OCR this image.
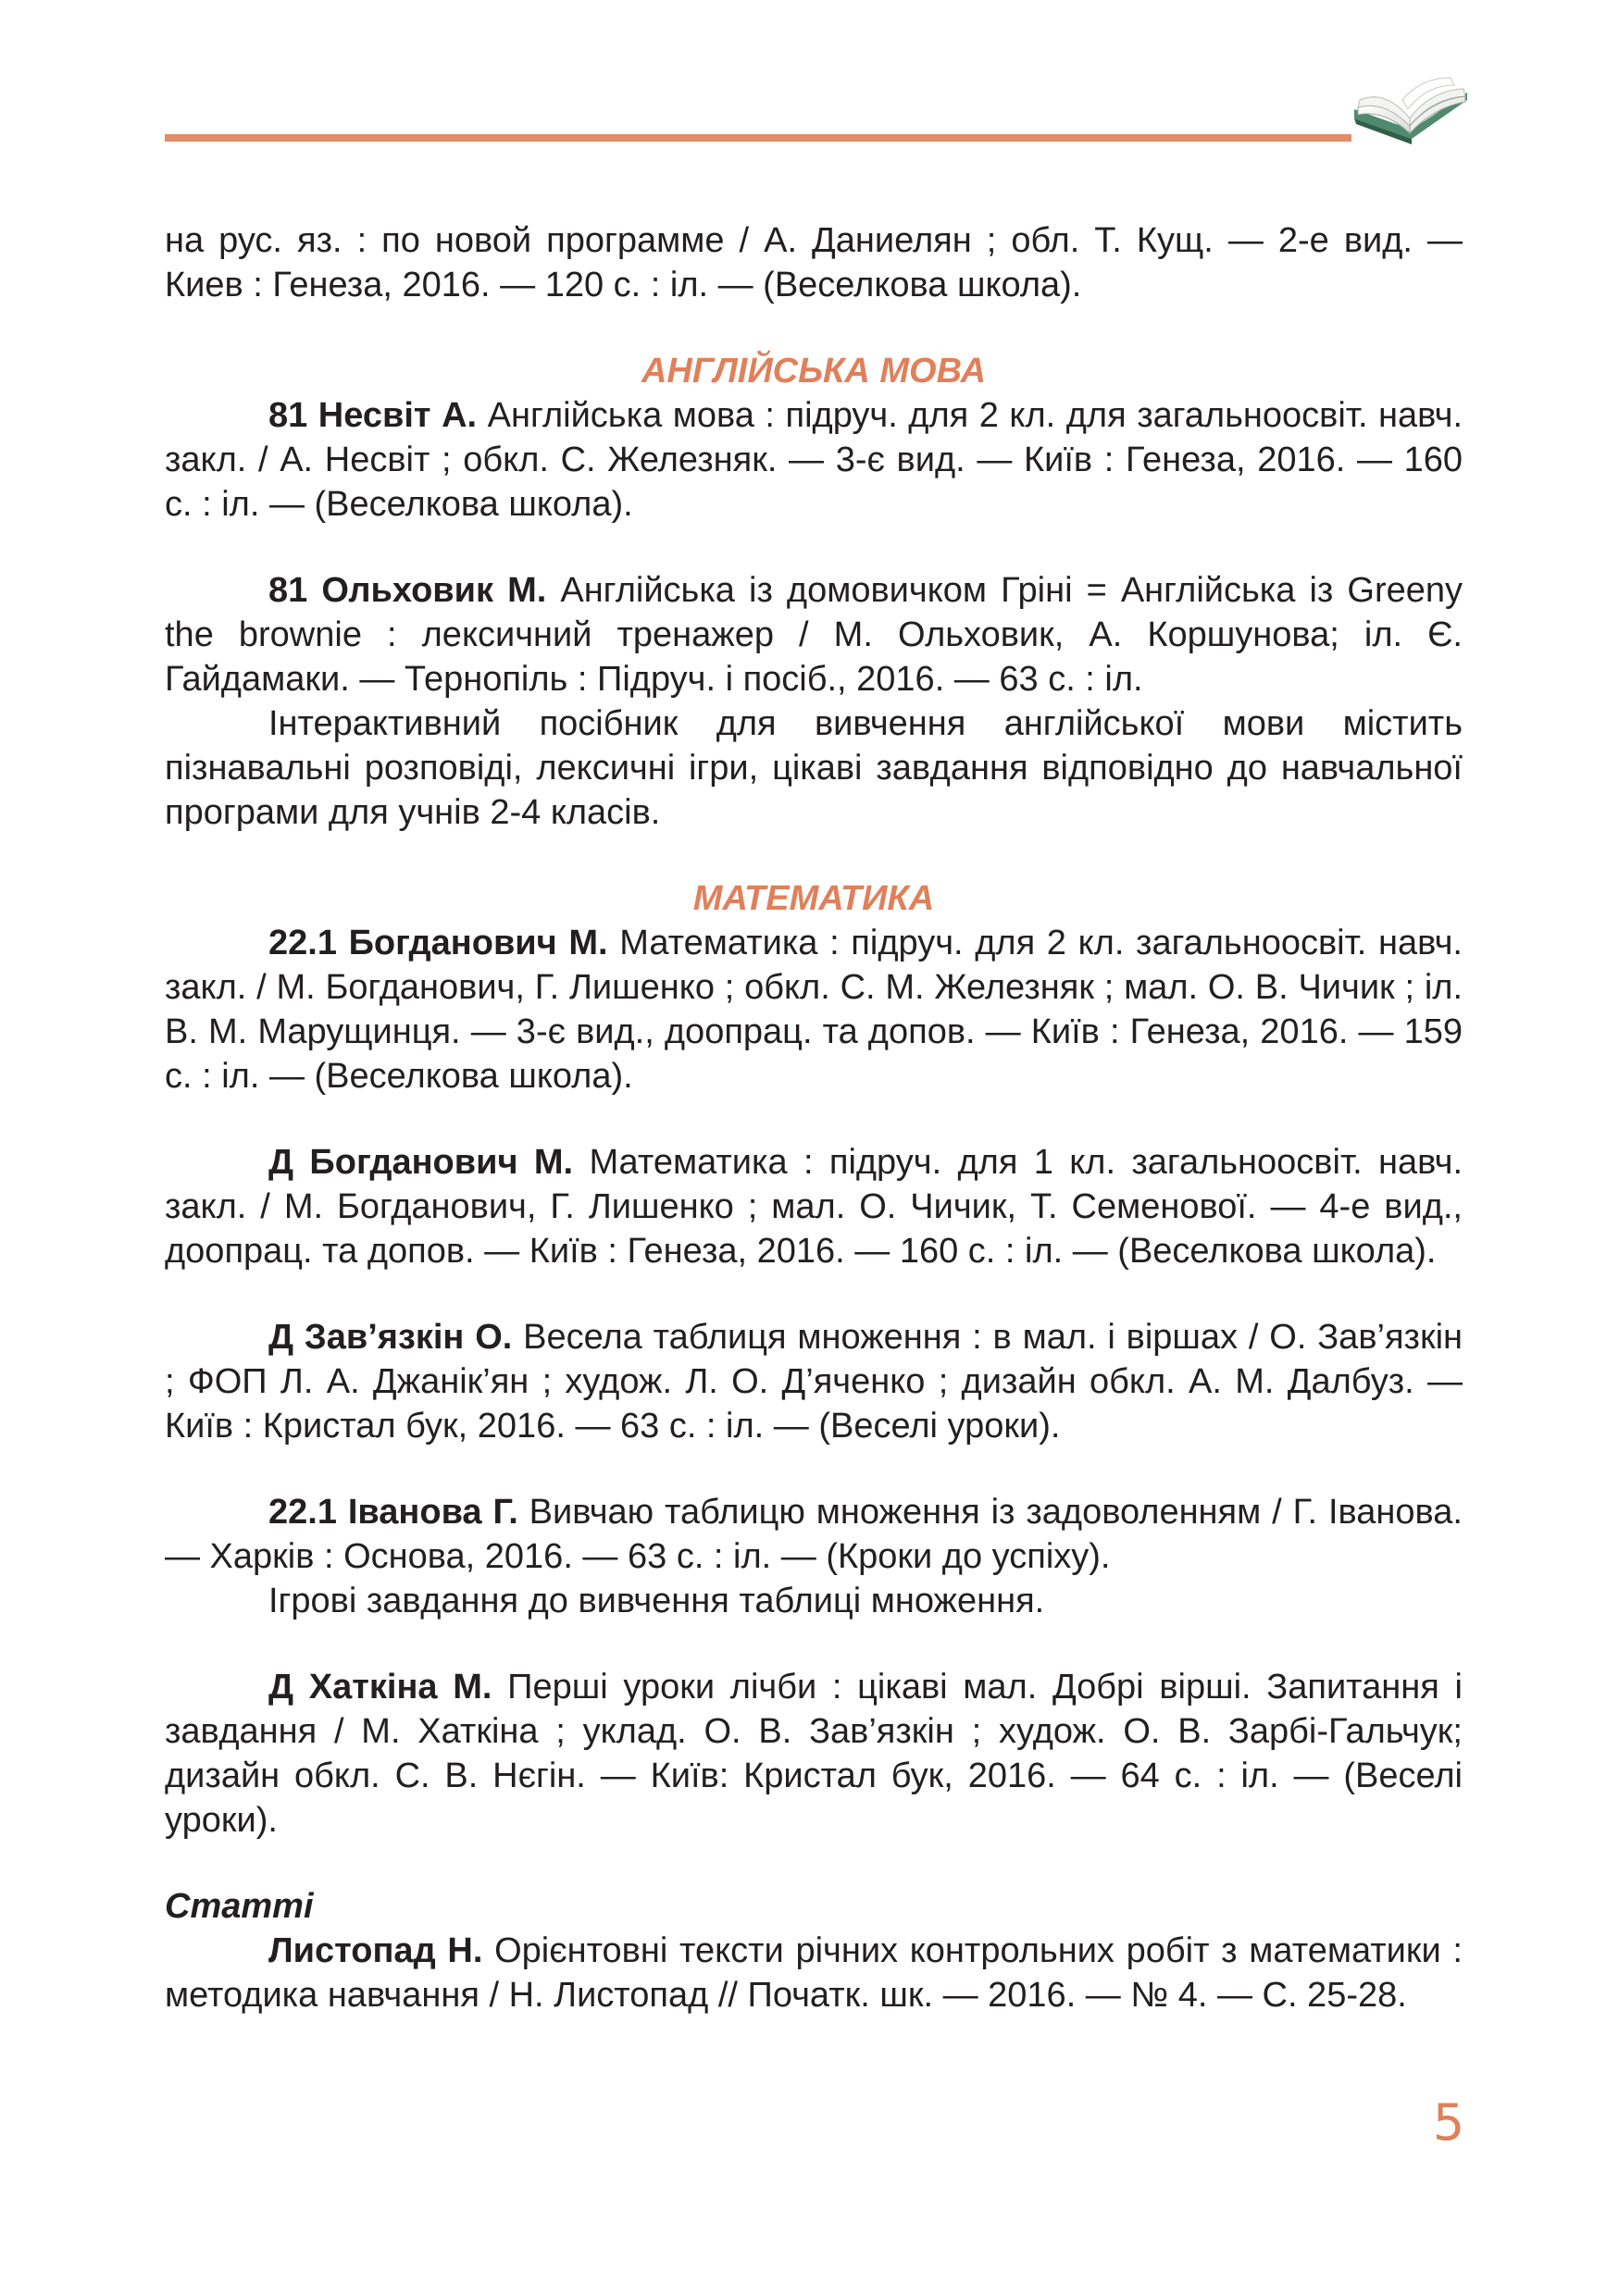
на рус. яз. : по новой программе / А. Даниелян ; обл. Т. Кущ. — 2-е вид. — Киев : Генеза, 2016. — 120 с. : іл. — (Веселкова школа).

АНГЛІЙСЬКА МОВА

81 Несвіт А. Англійська мова : підруч. для 2 кл. для загальноосвіт. навч. закл. / А. Несвіт ; обкл. С. Железняк. — 3-є вид. — Київ : Генеза, 2016. — 160 с. : іл. — (Веселкова школа).

81 Ольховик М. Англійська із домовичком Гріні = Англійська із Greeny the brownie : лексичний тренажер / М. Ольховик, А. Коршунова; іл. Є. Гайдамаки. — Тернопіль : Підруч. і посіб., 2016. — 63 с. : іл.

Інтерактивний посібник для вивчення англійської мови містить пізнавальні розповіді, лексичні ігри, цікаві завдання відповідно до навчальної програми для учнів 2-4 класів.

МАТЕМАТИКА

22.1 Богданович М. Математика : підруч. для 2 кл. загальноосвіт. навч. закл. / М. Богданович, Г. Лишенко ; обкл. С. М. Железняк ; мал. О. В. Чичик ; іл. В. М. Марущинця. — 3-є вид., доопрац. та допов. — Київ : Генеза, 2016. — 159 с. : іл. — (Веселкова школа).

Д Богданович М. Математика : підруч. для 1 кл. загальноосвіт. навч. закл. / М. Богданович, Г. Лишенко ; мал. О. Чичик, Т. Семенової. — 4-е вид., доопрац. та допов. — Київ : Генеза, 2016. — 160 с. : іл. — (Веселкова школа).

Д Зав’язкін О. Весела таблиця множення : в мал. і віршах / О. Зав’язкін ; ФОП Л. А. Джанік’ян ; худож. Л. О. Д’яченко ; дизайн обкл. А. М. Далбуз. — Київ : Кристал бук, 2016. — 63 с. : іл. — (Веселі уроки).

22.1 Іванова Г. Вивчаю таблицю множення із задоволенням / Г. Іванова. — Харків : Основа, 2016. — 63 с. : іл. — (Кроки до успіху).

Ігрові завдання до вивчення таблиці множення.

Д Хаткіна М. Перші уроки лічби : цікаві мал. Добрі вірші. Запитання і завдання / М. Хаткіна ; уклад. О. В. Зав’язкін ; худож. О. В. Зарбі-Гальчук; дизайн обкл. С. В. Нєгін. — Київ: Кристал бук, 2016. — 64 с. : іл. — (Веселі уроки).

Статті

Листопад Н. Орієнтовні тексти річних контрольних робіт з математики : методика навчання / Н. Листопад // Початк. шк. — 2016. — № 4. — С. 25-28.

5
